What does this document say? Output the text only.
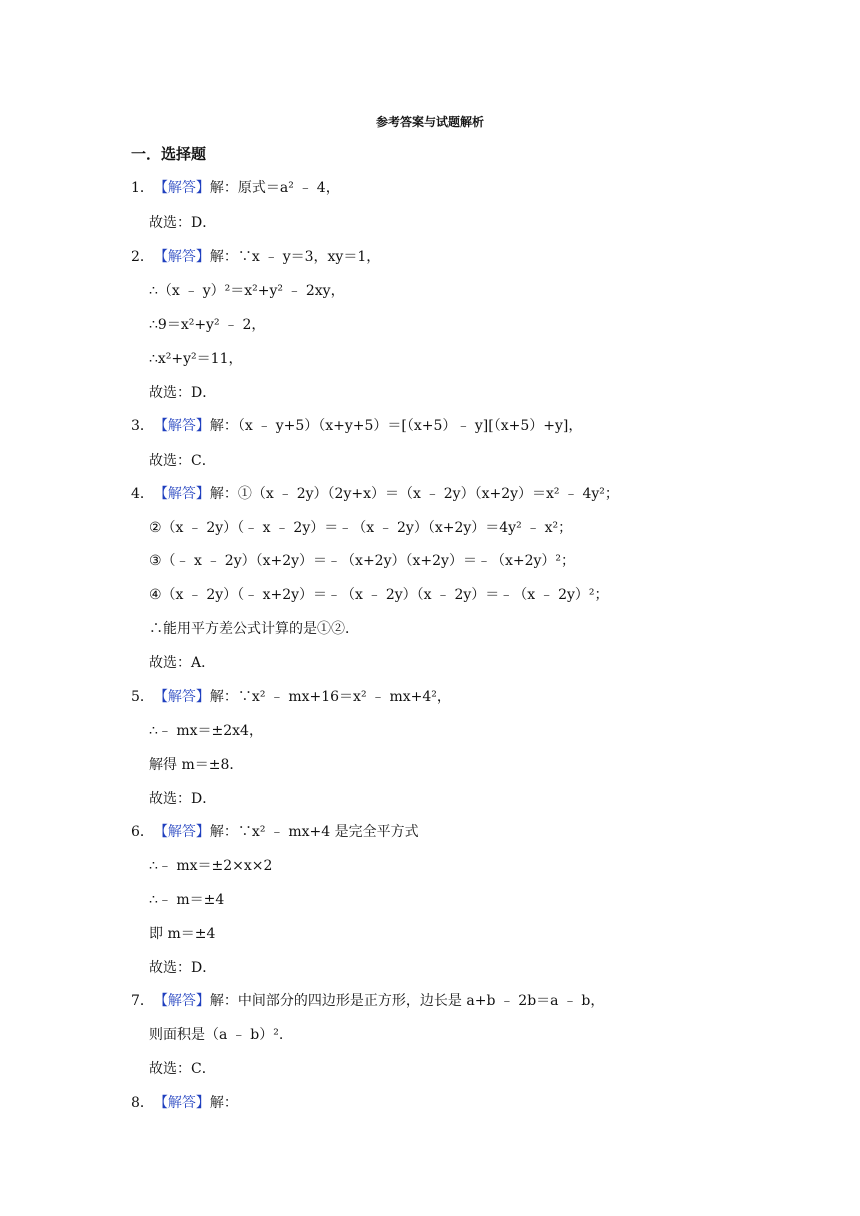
参考答案与试题解析
一．选择题
1．【解答】解：原式＝a² ﹣ 4，
故选：D．
2．【解答】解：∵x ﹣ y＝3，xy＝1，
∴（x ﹣ y）²＝x²+y² ﹣ 2xy，
∴9＝x²+y² ﹣ 2，
∴x²+y²＝11，
故选：D．
3．【解答】解：（x ﹣ y+5）（x+y+5）＝[（x+5）﹣ y][（x+5）+y]，
故选：C．
4．【解答】解：①（x ﹣ 2y）（2y+x）＝（x ﹣ 2y）（x+2y）＝x² ﹣ 4y²；
②（x ﹣ 2y）（﹣ x ﹣ 2y）＝﹣（x ﹣ 2y）（x+2y）＝4y² ﹣ x²；
③（﹣ x ﹣ 2y）（x+2y）＝﹣（x+2y）（x+2y）＝﹣（x+2y）²；
④（x ﹣ 2y）（﹣ x+2y）＝﹣（x ﹣ 2y）（x ﹣ 2y）＝﹣（x ﹣ 2y）²；
∴能用平方差公式计算的是①②．
故选：A．
5．【解答】解：∵x² ﹣ mx+16＝x² ﹣ mx+4²，
∴﹣ mx＝±2x4，
解得 m＝±8．
故选：D．
6．【解答】解：∵x² ﹣ mx+4 是完全平方式
∴﹣ mx＝±2×x×2
∴﹣ m＝±4
即 m＝±4
故选：D．
7．【解答】解：中间部分的四边形是正方形，边长是 a+b ﹣ 2b＝a ﹣ b，
则面积是（a ﹣ b）².
故选：C．
8．【解答】解：
